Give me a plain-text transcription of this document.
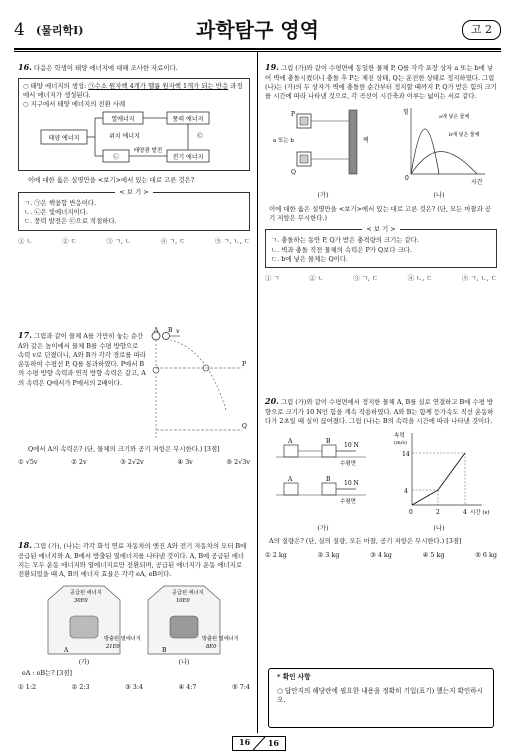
4 (물리학Ⅰ)	과학탐구 영역	고 2
16. 다음은 학생이 태양 에너지에 대해 조사한 자료이다.
○ 태양 에너지의 생성: ㉠수소 원자핵 4개가 헬륨 원자핵 1개가 되는 반응 과정에서 에너지가 생성된다.
○ 지구에서 태양 에너지의 전환 사례
태양 에너지
열에너지	풍력 에너지
위치 에너지	㉢
㉡
태양광 발전
전기 에너지
이에 대한 옳은 설명만을 <보기>에서 있는 대로 고른 것은?
< 보 기 >
ㄱ. ㉠은 핵융합 반응이다.
ㄴ. ㉡은 빛에너지이다.
ㄷ. 풍력 발전은 ㉢으로 적절하다.
① ㄴ	② ㄷ	③ ㄱ, ㄴ	④ ㄱ, ㄷ	⑤ ㄱ, ㄴ, ㄷ
17. 그림과 같이 물체 A를 가만히 놓는 순간 A와 같은 높이에서 물체 B를 수평 방향으로 속력 v로 던졌더니, A와 B가 각각 경로를 따라 운동하여 수평선 P, Q를 통과하였다. P에서 B의 수평 방향 속력과 연직 방향 속력은 같고, A의 속력은 Q에서가 P에서의 2배이다.
A B v
P
Q
Q에서 A의 속력은? (단, 물체의 크기와 공기 저항은 무시한다.) [3점]
① √5v	② 2v	③ 2√2v	④ 3v	⑤ 2√3v
18. 그림 (가), (나)는 각각 화석 연료 자동차의 엔진 A와 전기 자동차의 모터 B에 공급된 에너지와 A, B에서 방출된 열에너지를 나타낸 것이다. A, B에 공급된 에너지는 모두 운동 에너지와 열에너지로만 전환되며, 공급된 에너지가 운동 에너지로 전환되었을 때 A, B의 에너지 효율은 각각 eA, eB이다.
공급된 에너지
30E0
A
방출된 열에너지
21E0
공급된 에너지
10E0
B
방출된 열에너지
8E0
(가)	(나)
eA : eB는? [3점]
① 1:2	② 2:3	③ 3:4	④ 4:7	⑤ 7:4
19. 그림 (가)와 같이 수평면에 동일한 물체 P, Q를 각각 포장 상자 a 또는 b에 넣어 벽에 충돌시켰더니 충돌 후 P는 제진 상태, Q는 운전한 상태로 정지하였다. 그림 (나)는 (가)의 두 상자가 벽에 충돌한 순간부터 정지할 때까지 P, Q가 받은 힘의 크기를 시간에 따라 나타낸 것으로, 각 곡선이 시간축과 이루는 넓이는 서로 같다.
P
Q
a 또는 b	벽
힘
시간
0
a에 넣은 물체
b에 넣은 물체
(가)	(나)
이에 대한 옳은 설명만을 <보기>에서 있는 대로 고른 것은? (단, 모든 마찰과 공기 저항은 무시한다.)
< 보 기 >
ㄱ. 충돌하는 동안 P, Q가 받은 충격량의 크기는 같다.
ㄴ. 벽과 충돌 직전 물체의 속력은 P가 Q보다 크다.
ㄷ. b에 넣은 물체는 Q이다.
① ㄱ	② ㄴ	③ ㄱ, ㄷ	④ ㄴ, ㄷ	⑤ ㄱ, ㄴ, ㄷ
20. 그림 (가)와 같이 수평면에서 정지한 물체 A, B를 실로 연결하고 B에 수평 방향으로 크기가 10 N인 힘을 계속 작용하였다. A와 B는 함께 등가속도 직선 운동하다가 2초일 때 실이 끊어졌다. 그림 (나)는 B의 속력을 시간에 따라 나타낸 것이다.
A	B
10 N
수평면
A	B
10 N
수평면
속력
(m/s)
14
4
0	2	4 시간 (s)
(가)	(나)
A의 질량은? (단, 실의 질량, 모든 마찰, 공기 저항은 무시한다.) [3점]
① 2 kg	② 3 kg	③ 4 kg	④ 5 kg	⑤ 6 kg
* 확인 사항
○ 답안지의 해당란에 필요한 내용을 정확히 기입(표기) 했는지 확인하시오.
16 16
